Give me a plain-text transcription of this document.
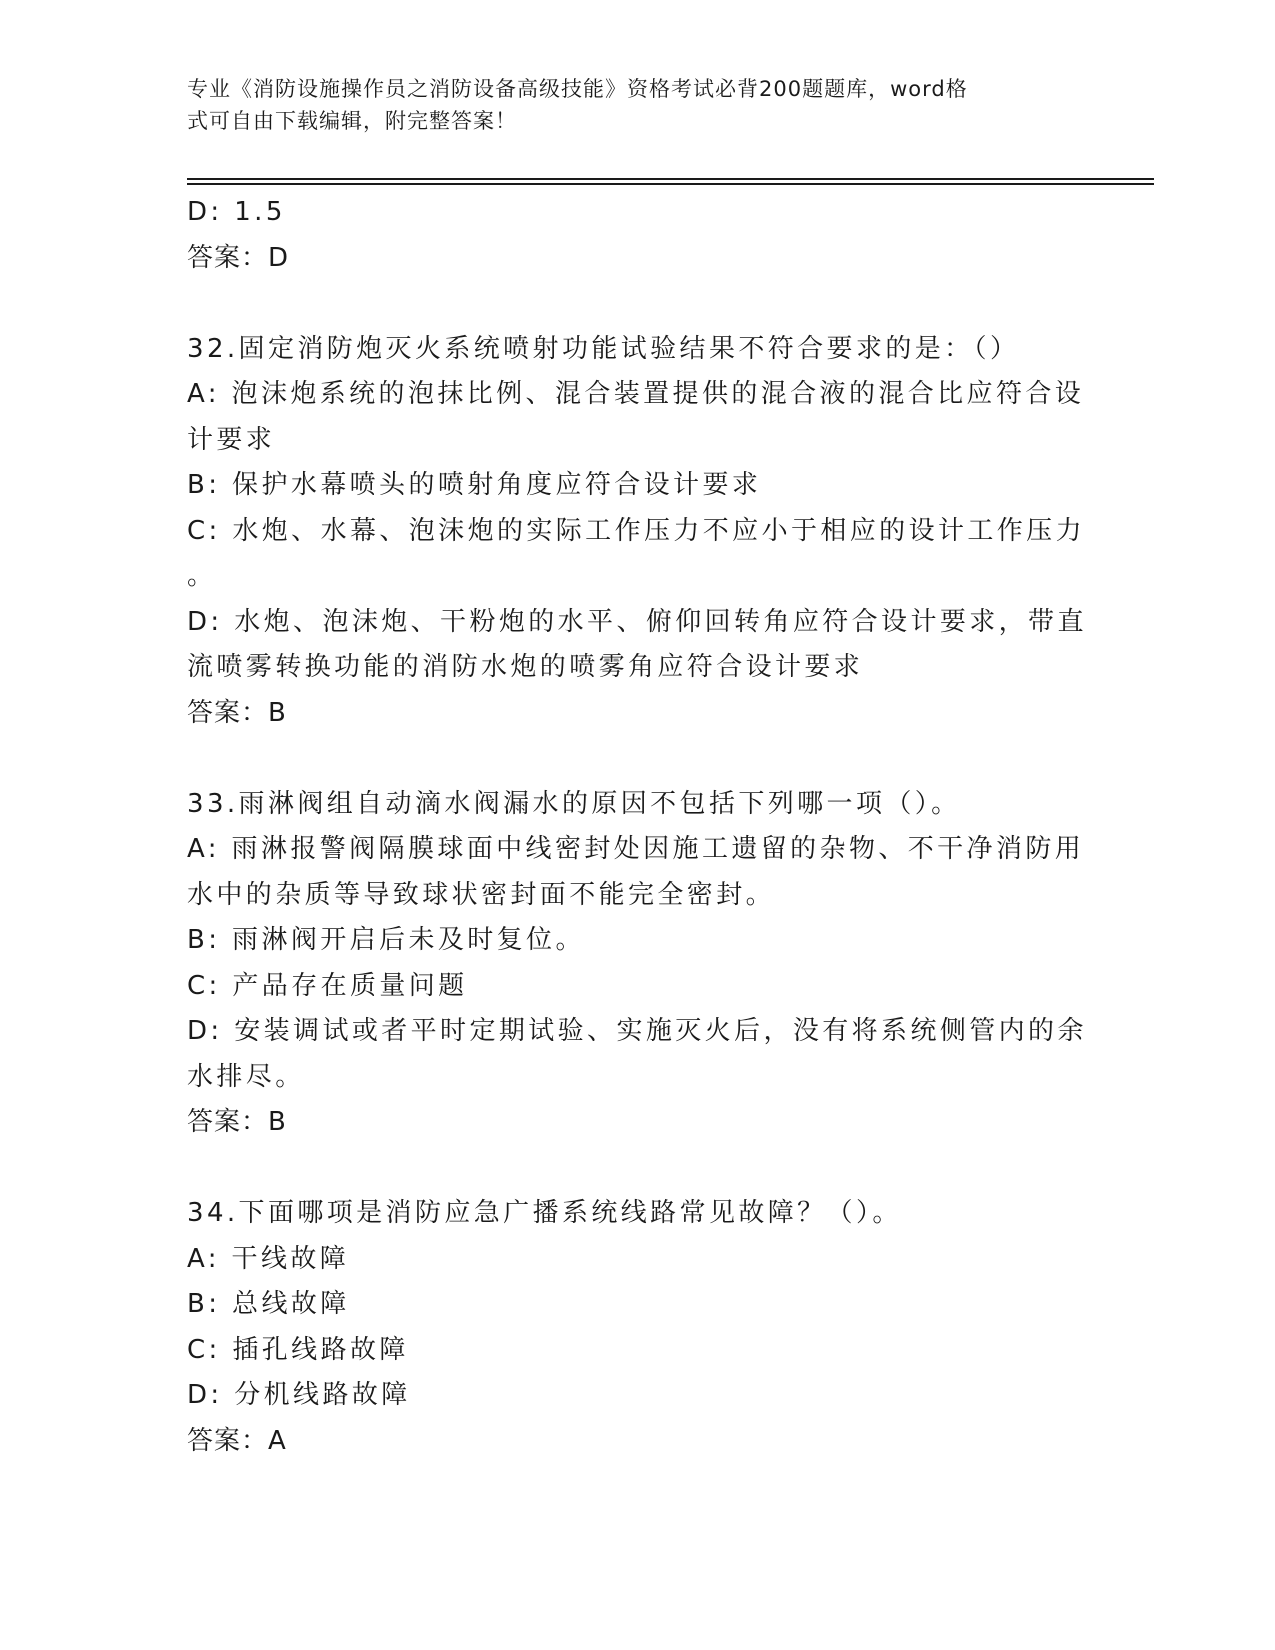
专业《消防设施操作员之消防设备高级技能》资格考试必背200题题库，word格
式可自由下载编辑，附完整答案！
D: 1.5
答案：D
32.固定消防炮灭火系统喷射功能试验结果不符合要求的是：（）
A: 泡沫炮系统的泡抹比例、混合装置提供的混合液的混合比应符合设
计要求
B: 保护水幕喷头的喷射角度应符合设计要求
C: 水炮、水幕、泡沫炮的实际工作压力不应小于相应的设计工作压力
。
D: 水炮、泡沫炮、干粉炮的水平、俯仰回转角应符合设计要求，带直
流喷雾转换功能的消防水炮的喷雾角应符合设计要求
答案：B
33.雨淋阀组自动滴水阀漏水的原因不包括下列哪一项（）。
A: 雨淋报警阀隔膜球面中线密封处因施工遗留的杂物、不干净消防用
水中的杂质等导致球状密封面不能完全密封。
B: 雨淋阀开启后未及时复位。
C: 产品存在质量问题
D: 安装调试或者平时定期试验、实施灭火后，没有将系统侧管内的余
水排尽。
答案：B
34.下面哪项是消防应急广播系统线路常见故障？（）。
A: 干线故障
B: 总线故障
C: 插孔线路故障
D: 分机线路故障
答案：A
